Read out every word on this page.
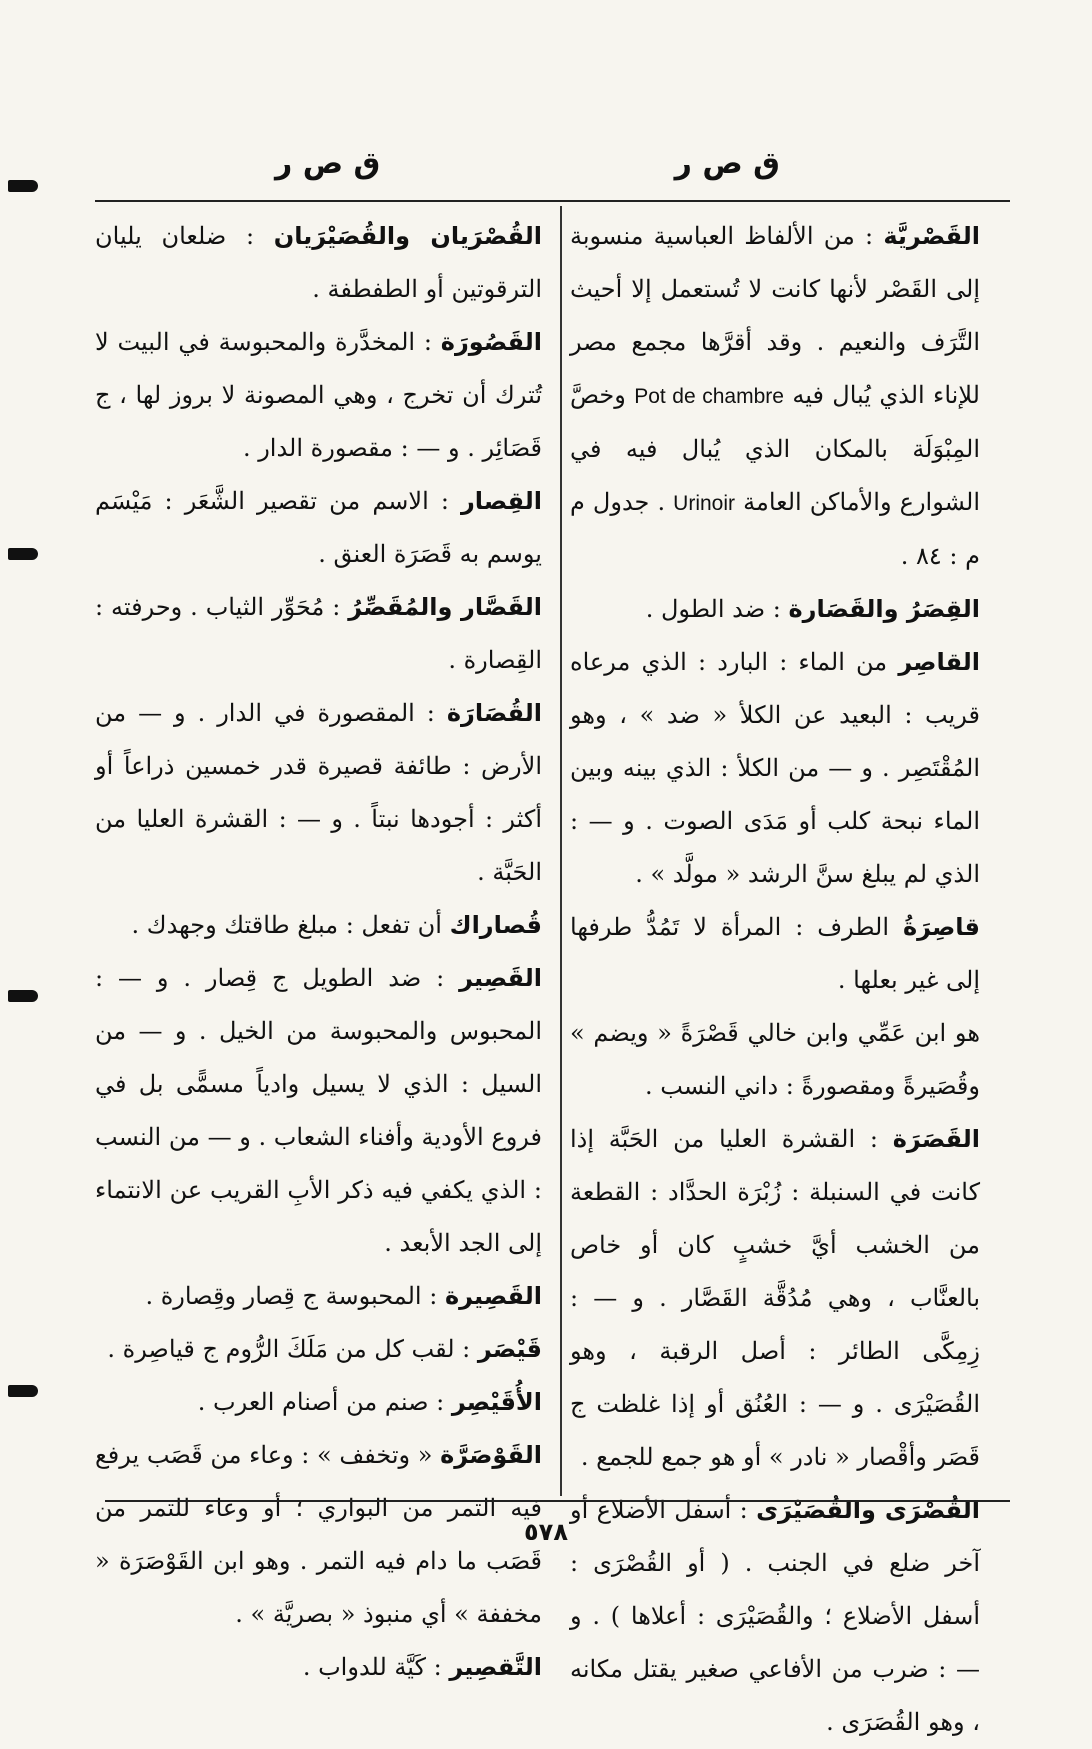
ق ص ر
ق ص ر

القَصْريَّة : من الألفاظ العباسية منسوبة إلى القَصْر لأنها كانت لا تُستعمل إلا أحيث التَّرَف والنعيم . وقد أقرَّها مجمع مصر للإناء الذي يُبال فيه Pot de chambre وخصَّ المِبْوَلَة بالمكان الذي يُبال فيه في الشوارع والأماكن العامة Urinoir . جدول م م : ٨٤ .

القِصَرُ والقَصَارة : ضد الطول .

القاصِر من الماء : البارد : الذي مرعاه قريب : البعيد عن الكلأ « ضد » ، وهو المُقْتَصِر . و — من الكلأ : الذي بينه وبين الماء نبحة كلب أو مَدَى الصوت . و — : الذي لم يبلغ سنَّ الرشد « مولَّد » .

قاصِرَةُ الطرف : المرأة لا تَمُدُّ طرفها إلى غير بعلها .

هو ابن عَمِّي وابن خالي قَصْرَةً « ويضم » وقُصَيرةً ومقصورةً : داني النسب .

القَصَرَة : القشرة العليا من الحَبَّة إذا كانت في السنبلة : زُبْرَة الحدَّاد : القطعة من الخشب أيَّ خشبٍ كان أو خاص بالعنَّاب ، وهي مُدُقَّة القَصَّار . و — : زِمِكَّى الطائر : أصل الرقبة ، وهو القُصَيْرَى . و — : العُنُق أو إذا غلظت ج قَصَر وأقْصار « نادر » أو هو جمع للجمع .

القُصْرَى والقُصَيْرَى : أسفل الأضلاع أو آخر ضلع في الجنب . ( أو القُصْرَى : أسفل الأضلاع ؛ والقُصَيْرَى : أعلاها ) . و — : ضرب من الأفاعي صغير يقتل مكانه ، وهو القُصَرَى .

القُصْرَيان والقُصَيْرَيان : ضلعان يليان الترقوتين أو الطفطفة .

القَصُورَة : المخدَّرة والمحبوسة في البيت لا تُترك أن تخرج ، وهي المصونة لا بروز لها ، ج قَصَائِر . و — : مقصورة الدار .

القِصار : الاسم من تقصير الشَّعَر : مَيْسَم يوسم به قَصَرَة العنق .

القَصَّار والمُقَصِّرُ : مُحَوِّر الثياب . وحرفته : القِصارة .

القُصَارَة : المقصورة في الدار . و — من الأرض : طائفة قصيرة قدر خمسين ذراعاً أو أكثر : أجودها نبتاً . و — : القشرة العليا من الحَبَّة .

قُصاراك أن تفعل : مبلغ طاقتك وجهدك .

القَصِير : ضد الطويل ج قِصار . و — : المحبوس والمحبوسة من الخيل . و — من السيل : الذي لا يسيل وادياً مسمًّى بل في فروع الأودية وأفناء الشعاب . و — من النسب : الذي يكفي فيه ذكر الأبِ القريب عن الانتماء إلى الجد الأبعد .

القَصِيرة : المحبوسة ج قِصار وقِصارة .

قَيْصَر : لقب كل من مَلَكَ الرُّوم ج قياصِرة .

الأُقَيْصِر : صنم من أصنام العرب .

القَوْصَرَّة « وتخفف » : وعاء من قَصَب يرفع فيه التمر من البواري ؛ أو وعاء للتمر من قَصَب ما دام فيه التمر . وهو ابن القَوْصَرَة « مخففة » أي منبوذ « بصريَّة » .

التَّقصِير : كَيَّة للدواب .

٥٧٨
